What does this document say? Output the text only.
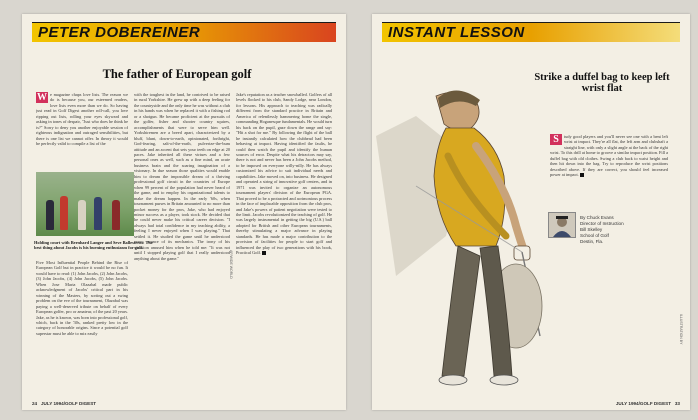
PETER DOBEREINER
The father of European golf
W e magazine chaps love lists. The reason we do is because you, our esteemed readers, love lists even more than we do. So having just read in Golf Digest another roll-call, you love ripping out lists, rolling your eyes skyward and asking in tones of despair, "Just who does he think he is?" Sorry to deny you another enjoyable session of righteous indignation and outraged sensibilities, but there is one list we cannot offer. In theory it would be perfectly valid to compile a list of the
Holding court with Bernhard Langer and Seve Ballesteros: The best thing about Jacobs is his burning enthusiasm for golf.
Five Most Influential People Behind the Rise of European Golf but in practice it would be no fun. It would have to read: (1) John Jacobs, (2) John Jacobs, (3) John Jacobs, (4) John Jacobs, (5) John Jacobs. When Jose Maria Olazabal made public acknowledgment of Jacobs' critical part in his winning of the Masters, by sorting out a swing problem on the eve of the tournament, Olazabal was paying a well-deserved tribute on behalf of every European golfer, pro or amateur, of the past 20 years. Jake, as he is known, was born into professional golf, which, back in the '30s, ranked pretty low in the category of honorable origins. Since a potential golf superstar must be able to mix easily
with the toughest in the land, he contrived to be raised in rural Yorkshire. He grew up with a deep feeling for the countryside and the only time he was without a club in his hands was when he replaced it with a fishing rod or a shotgun. He became proficient at the pursuits of the golfer, fisher and shooter country squires, accomplishments that were to serve him well. Yorkshiremen are a breed apart, characterized by a bluff, blunt, down-to-earth, opinionated, forthright, God-fearing, salt-of-the-earth, pulverize-the-bum attitude and an accent that sets your teeth on edge at 20 paces. Jake inherited all these virtues and a few personal ones as well, such as a fine mind, an acute business brain and the soaring imagination of a visionary. In due season those qualities would enable him to dream the impossible dream of a thriving professional golf circuit in the countries of Europe when 99 percent of the population had never heard of the game, and to employ his organizational talents to make the dream happen. In the early '60s, when tournament purses in Britain amounted to no more than pocket money for the pros, Jake, who had enjoyed minor success as a player, took stock. He decided that he could never make his critical career decision. "I always had total confidence in my teaching ability, a feeling I never enjoyed when I was playing." That settled it. He studied the game until he understood every nuance of its mechanics. The irony of his situation amused him when he told me: "It was not until I stopped playing golf that I really understood anything about the game."
Jake's reputation as a teacher snowballed. Golfers of all levels flocked to his club, Sandy Lodge, near London, for lessons. His approach to teaching was radically different from the standard practice in Britain and America of relentlessly hammering home the single, commanding Hoganesque fundamentals. He would turn his back on the pupil, gaze down the range and say: "Hit a shot for me." By following the flight of the ball he instantly calculated how the clubhead had been behaving at impact. Having identified the faults, he could then watch the pupil and identify the human sources of error. Despite what his detractors may say, there is not and never has been a John Jacobs method, to be imposed on everyone willy-nilly. He has always customized his advice to suit individual needs and capabilities. Jake moved on, into business. He designed and operated a string of innovative golf centers, and in 1971 was invited to organize an autonomous tournament players' division of the European PGA. That proved to be a protracted and acrimonious process in the face of implacable opposition from the club pros, and Jake's powers of patient negotiation were tested to the limit. Jacobs revolutionized the teaching of golf. He was largely instrumental in getting the big (U.S.) ball adopted for British and other European tournaments, thereby stimulating a major advance in playing standards. He has made a major contribution to the provision of facilities for people to start golf and influenced the play of two generations with his book, Practical Golf.
AP/WIDE WORLD
24 JULY 1994/GOLF DIGEST
INSTANT LESSON
Strike a duffel bag to keep left wrist flat
S	tudy good players and you'll never see one with a bent left wrist at impact. They're all flat, the left arm and clubshaft a straight line, with only a slight angle at the back of the right wrist. To this drill at home to groove a similar impact position. Fill a duffel bag with old clothes. Swing a club back to waist height and then hit down into the bag. Try to reproduce the wrist positions described above. If they are correct, you should feel increased power at impact.
By Chuck Evans
Director of Instruction
Bill Skelley
School of Golf
Destin, Fla.
ILLUSTRATION BY
JULY 1994/GOLF DIGEST 33
